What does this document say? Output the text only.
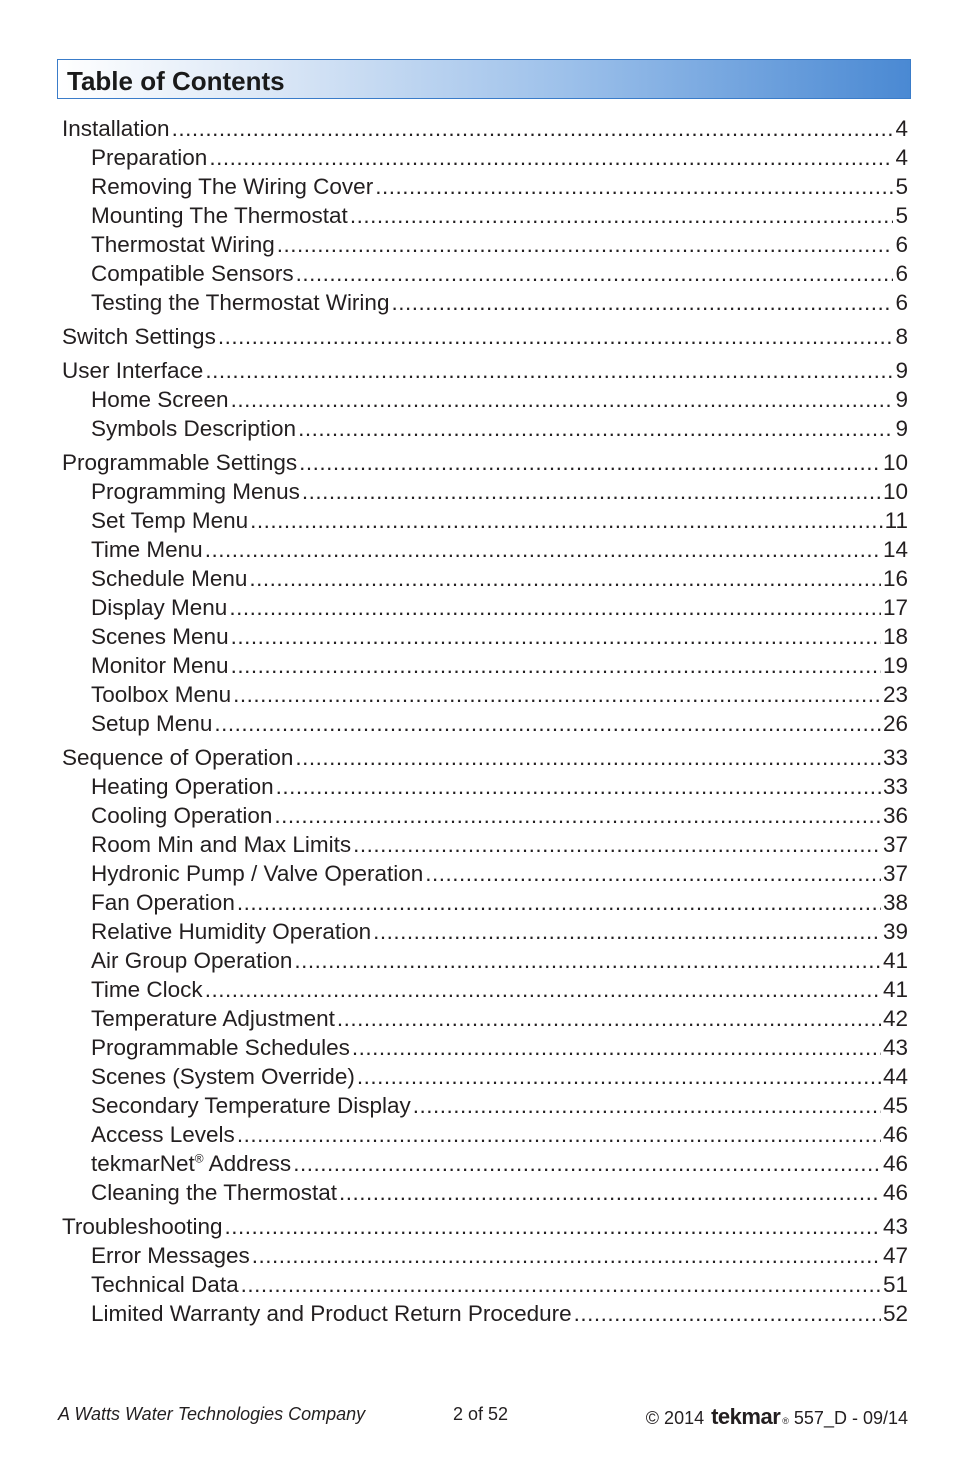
Table of Contents
Installation .....	4
Preparation .....	4
Removing The Wiring Cover .....	5
Mounting The Thermostat .....	5
Thermostat Wiring .....	6
Compatible Sensors .....	6
Testing the Thermostat Wiring .....	6
Switch Settings .....	8
User Interface .....	9
Home Screen .....	9
Symbols Description .....	9
Programmable Settings .....	10
Programming Menus .....	10
Set Temp Menu .....	11
Time Menu .....	14
Schedule Menu .....	16
Display Menu .....	17
Scenes Menu .....	18
Monitor Menu .....	19
Toolbox Menu .....	23
Setup Menu .....	26
Sequence of Operation .....	33
Heating Operation .....	33
Cooling Operation .....	36
Room Min and Max Limits .....	37
Hydronic Pump / Valve Operation .....	37
Fan Operation .....	38
Relative Humidity Operation .....	39
Air Group Operation .....	41
Time Clock .....	41
Temperature Adjustment .....	42
Programmable Schedules .....	43
Scenes (System Override) .....	44
Secondary Temperature Display .....	45
Access Levels .....	46
tekmarNet® Address .....	46
Cleaning the Thermostat .....	46
Troubleshooting .....	43
Error Messages .....	47
Technical Data .....	51
Limited Warranty and Product Return Procedure .....	52
A Watts Water Technologies Company	2 of 52	© 2014 tekmar ® 557_D - 09/14
